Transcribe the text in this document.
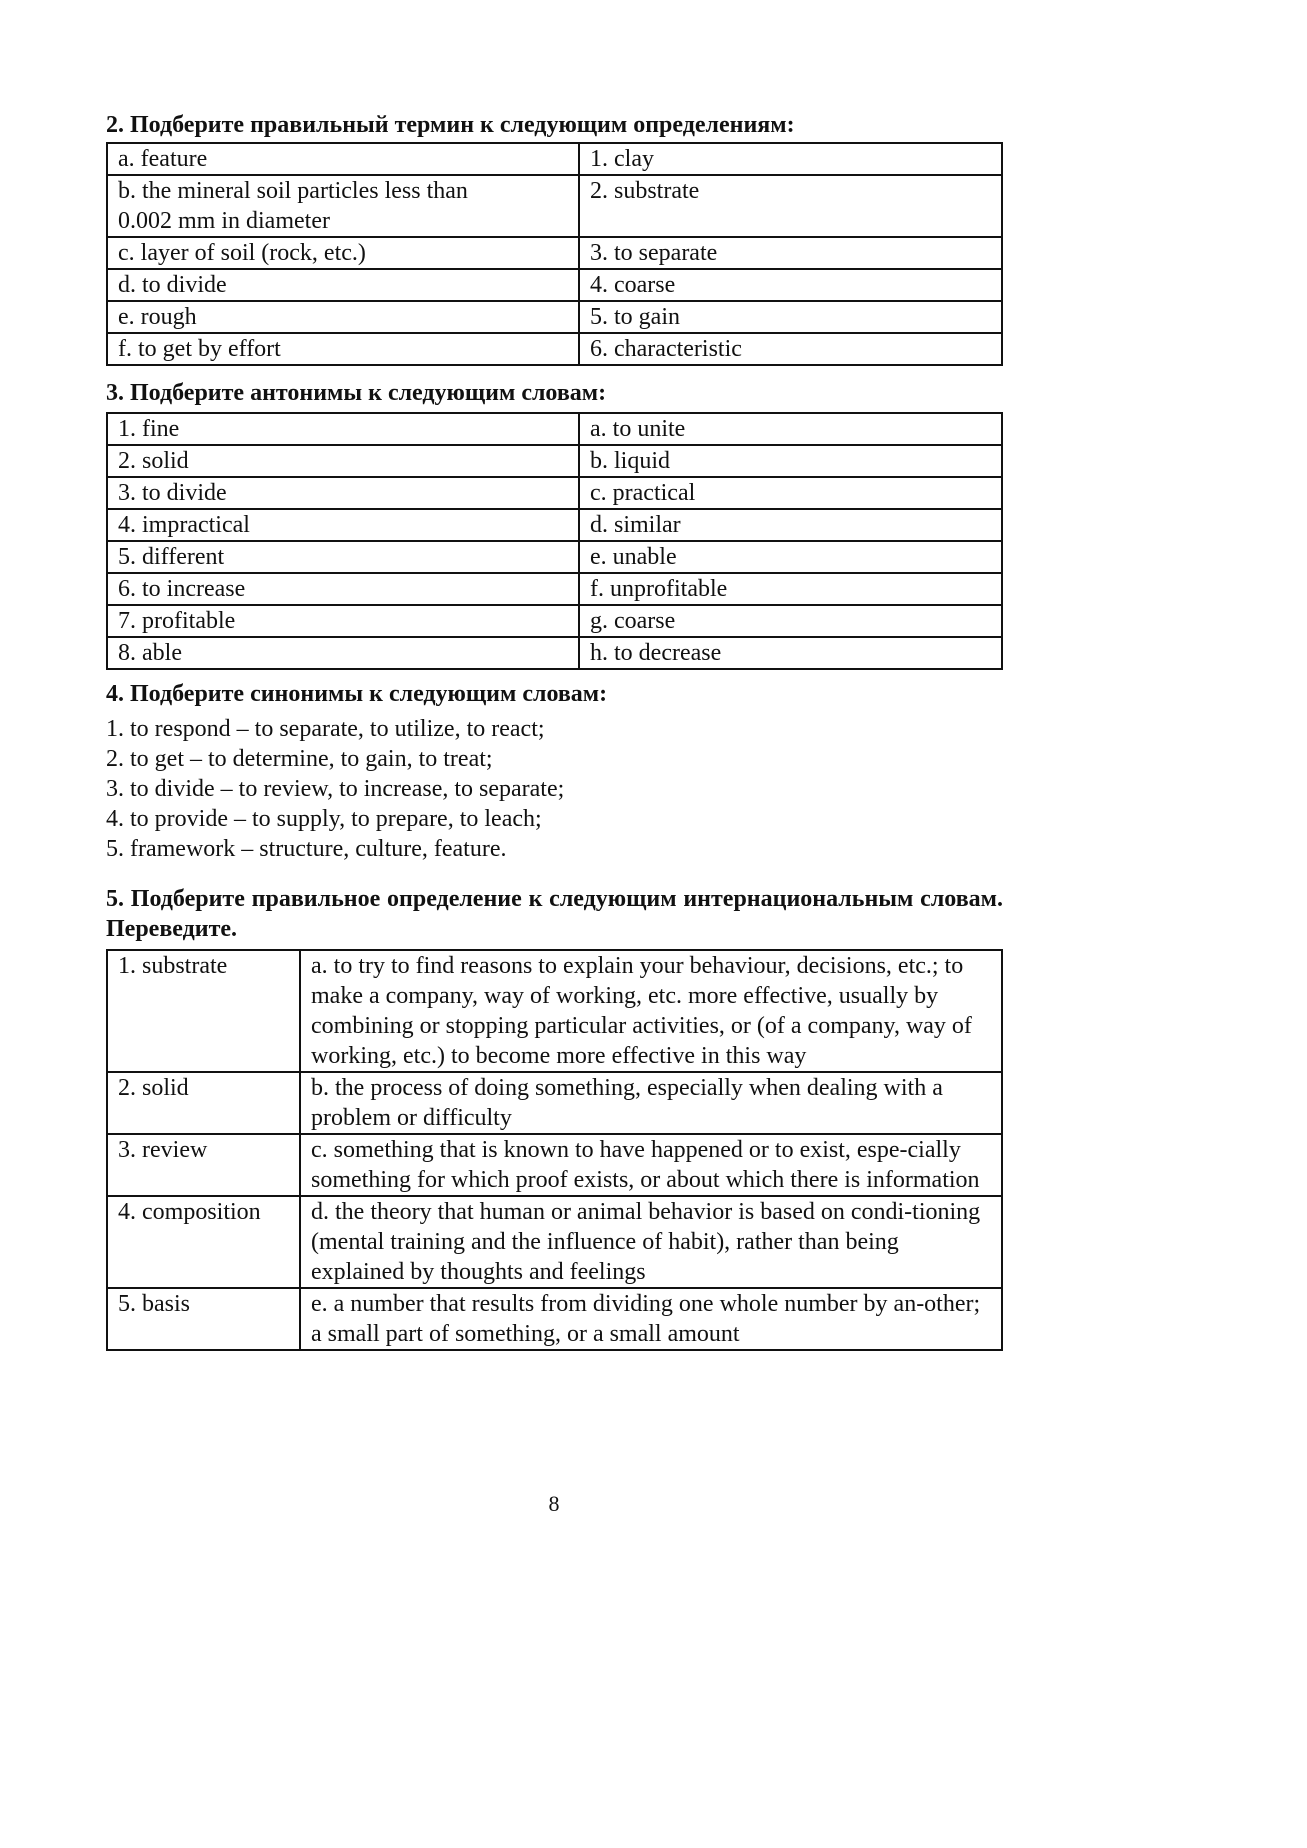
2. Подберите правильный термин к следующим определениям:
a. feature	1. clay
b. the mineral soil particles less than
0.002 mm in diameter	2. substrate
c. layer of soil (rock, etc.)	3. to separate
d. to divide	4. coarse
e. rough	5. to gain
f. to get by effort	6. characteristic
3. Подберите антонимы к следующим словам:
1. fine	a. to unite
2. solid	b. liquid
3. to divide	c. practical
4. impractical	d. similar
5. different	e. unable
6. to increase	f. unprofitable
7. profitable	g. coarse
8. able	h. to decrease
4. Подберите синонимы к следующим словам:
1. to respond – to separate, to utilize, to react;
2. to get – to determine, to gain, to treat;
3. to divide – to review, to increase, to separate;
4. to provide – to supply, to prepare, to leach;
5. framework – structure, culture, feature.
5. Подберите правильное определение к следующим интернациональным словам. Переведите.
1. substrate	a. to try to find reasons to explain your behaviour, decisions, etc.; to make a company, way of working, etc. more effective, usually by combining or stopping particular activities, or (of a company, way of working, etc.) to become more effective in this way
2. solid	b. the process of doing something, especially when dealing with a problem or difficulty
3. review	c. something that is known to have happened or to exist, espe-cially something for which proof exists, or about which there is information
4. composition	d. the theory that human or animal behavior is based on condi-tioning (mental training and the influence of habit), rather than being explained by thoughts and feelings
5. basis	e. a number that results from dividing one whole number by an-other;
a small part of something, or a small amount
8
